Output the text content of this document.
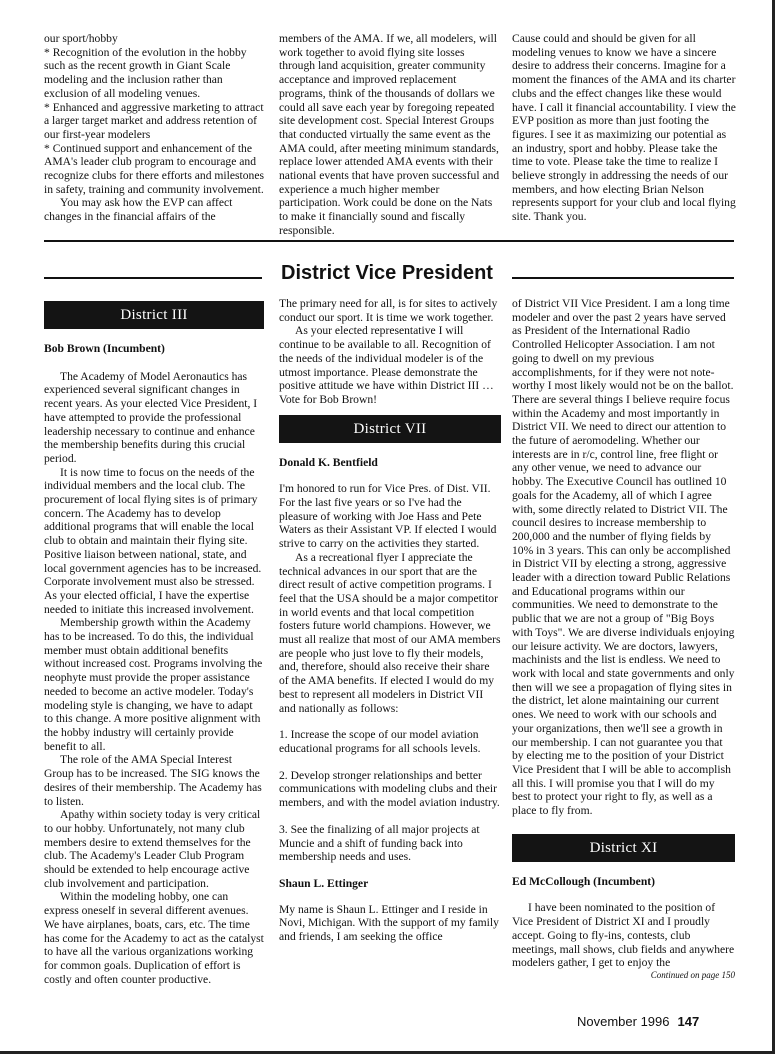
our sport/hobby

* Recognition of the evolution in the hobby such as the recent growth in Giant Scale modeling and the inclusion rather than exclusion of all modeling venues.

* Enhanced and aggressive marketing to attract a larger target market and address retention of our first-year modelers

* Continued support and enhancement of the AMA's leader club program to encourage and recognize clubs for there efforts and milestones in safety, training and community involvement.

You may ask how the EVP can affect changes in the financial affairs of the

members of the AMA. If we, all modelers, will work together to avoid flying site losses through land acquisition, greater community acceptance and improved replacement programs, think of the thousands of dollars we could all save each year by foregoing repeated site development cost. Special Interest Groups that conducted virtually the same event as the AMA could, after meeting minimum standards, replace lower attended AMA events with their national events that have proven successful and experience a much higher member participation. Work could be done on the Nats to make it financially sound and fiscally responsible.

Cause could and should be given for all modeling venues to know we have a sincere desire to address their concerns. Imagine for a moment the finances of the AMA and its charter clubs and the effect changes like these would have. I call it financial accountability. I view the EVP position as more than just footing the figures. I see it as maximizing our potential as an industry, sport and hobby. Please take the time to vote. Please take the time to realize I believe strongly in addressing the needs of our members, and how electing Brian Nelson represents support for your club and local flying site. Thank you.

District Vice President
District III

Bob Brown (Incumbent)

The Academy of Model Aeronautics has experienced several significant changes in recent years. As your elected Vice President, I have attempted to provide the professional leadership necessary to continue and enhance the membership benefits during this crucial period.

It is now time to focus on the needs of the individual members and the local club. The procurement of local flying sites is of primary concern. The Academy has to develop additional programs that will enable the local club to obtain and maintain their flying site. Positive liaison between national, state, and local government agencies has to be increased. Corporate involvement must also be stressed. As your elected official, I have the expertise needed to initiate this increased involvement.

Membership growth within the Academy has to be increased. To do this, the individual member must obtain additional benefits without increased cost. Programs involving the neophyte must provide the proper assistance needed to become an active modeler. Today's modeling style is changing, we have to adapt to this change. A more positive alignment with the hobby industry will certainly provide benefit to all.

The role of the AMA Special Interest Group has to be increased. The SIG knows the desires of their membership. The Academy has to listen.

Apathy within society today is very critical to our hobby. Unfortunately, not many club members desire to extend themselves for the club. The Academy's Leader Club Program should be extended to help encourage active club involvement and participation.

Within the modeling hobby, one can express oneself in several different avenues. We have airplanes, boats, cars, etc. The time has come for the Academy to act as the catalyst to have all the various organizations working for common goals. Duplication of effort is costly and often counter productive.

The primary need for all, is for sites to actively conduct our sport. It is time we work together.

As your elected representative I will continue to be available to all. Recognition of the needs of the individual modeler is of the utmost importance. Please demonstrate the positive attitude we have within District III …Vote for Bob Brown!

District VII

Donald K. Bentfield

I'm honored to run for Vice Pres. of Dist. VII. For the last five years or so I've had the pleasure of working with Joe Hass and Pete Waters as their Assistant VP. If elected I would strive to carry on the activities they started.

As a recreational flyer I appreciate the technical advances in our sport that are the direct result of active competition programs. I feel that the USA should be a major competitor in world events and that local competition fosters future world champions. However, we must all realize that most of our AMA members are people who just love to fly their models, and, therefore, should also receive their share of the AMA benefits. If elected I would do my best to represent all modelers in District VII and nationally as follows:

1. Increase the scope of our model aviation educational programs for all schools levels.

2. Develop stronger relationships and better communications with modeling clubs and their members, and with the model aviation industry.

3. See the finalizing of all major projects at Muncie and a shift of funding back into membership needs and uses.

Shaun L. Ettinger

My name is Shaun L. Ettinger and I reside in Novi, Michigan. With the support of my family and friends, I am seeking the office

of District VII Vice President. I am a long time modeler and over the past 2 years have served as President of the International Radio Controlled Helicopter Association. I am not going to dwell on my previous accomplishments, for if they were not note-worthy I most likely would not be on the ballot. There are several things I believe require focus within the Academy and most importantly in District VII. We need to direct our attention to the future of aeromodeling. Whether our interests are in r/c, control line, free flight or any other venue, we need to advance our hobby. The Executive Council has outlined 10 goals for the Academy, all of which I agree with, some directly related to District VII. The council desires to increase membership to 200,000 and the number of flying fields by 10% in 3 years. This can only be accomplished in District VII by electing a strong, aggressive leader with a direction toward Public Relations and Educational programs within our communities. We need to demonstrate to the public that we are not a group of "Big Boys with Toys". We are diverse individuals enjoying our leisure activity. We are doctors, lawyers, machinists and the list is endless. We need to work with local and state governments and only then will we see a propagation of flying sites in the district, let alone maintaining our current ones. We need to work with our schools and your organizations, then we'll see a growth in our membership. I can not guarantee you that by electing me to the position of your District Vice President that I will be able to accomplish all this. I will promise you that I will do my best to protect your right to fly, as well as a place to fly from.

District XI

Ed McCollough (Incumbent)

I have been nominated to the position of Vice President of District XI and I proudly accept. Going to fly-ins, contests, club meetings, mall shows, club fields and anywhere modelers gather, I get to enjoy the

Continued on page 150

November 1996 147
